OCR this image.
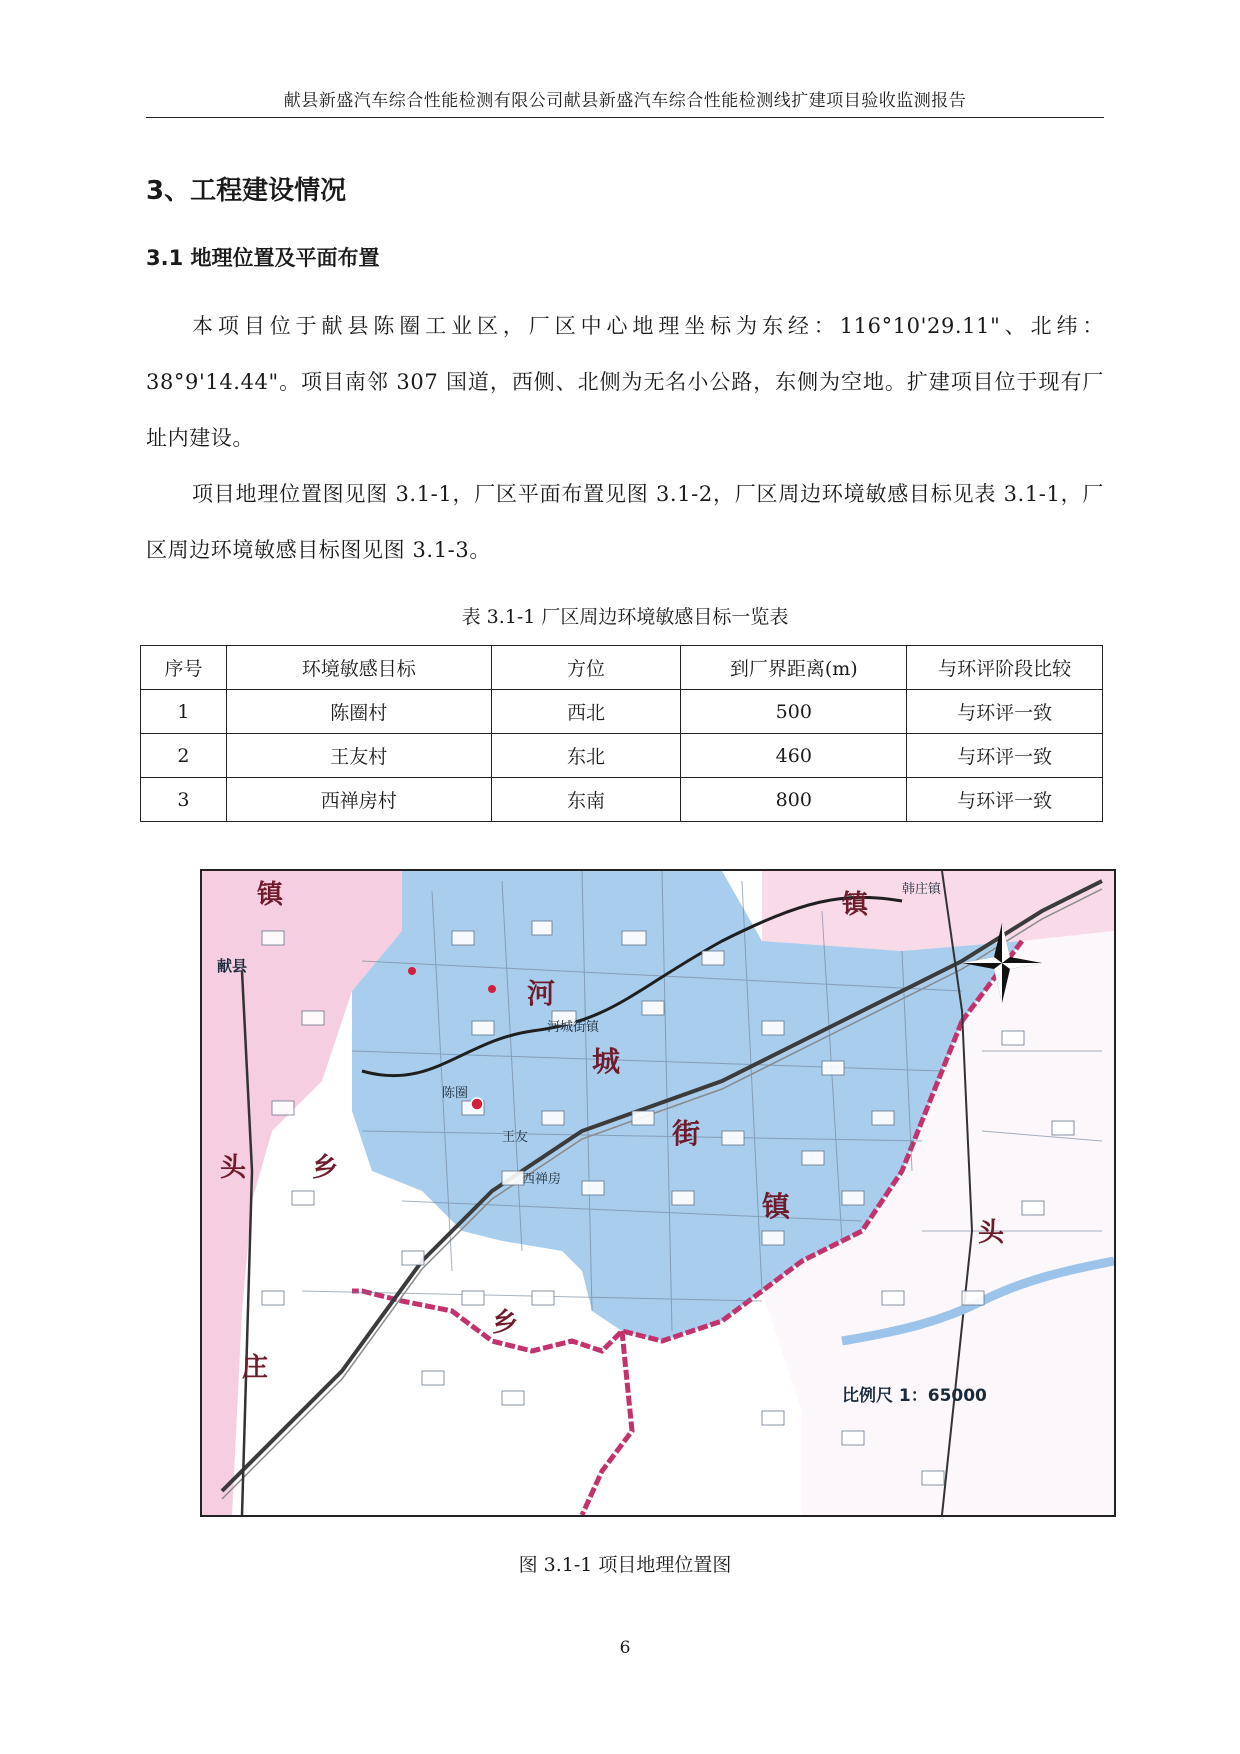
献县新盛汽车综合性能检测有限公司献县新盛汽车综合性能检测线扩建项目验收监测报告
3、工程建设情况
3.1 地理位置及平面布置
本项目位于献县陈圈工业区，厂区中心地理坐标为东经：116°10'29.11"、北纬：38°9'14.44"。项目南邻 307 国道，西侧、北侧为无名小公路，东侧为空地。扩建项目位于现有厂址内建设。
项目地理位置图见图 3.1-1，厂区平面布置见图 3.1-2，厂区周边环境敏感目标见表 3.1-1，厂区周边环境敏感目标图见图 3.1-3。
表 3.1-1 厂区周边环境敏感目标一览表
序号	环境敏感目标	方位	到厂界距离(m)	与环评阶段比较
1	陈圈村	西北	500	与环评一致
2	王友村	东北	460	与环评一致
3	西禅房村	东南	800	与环评一致
镇	镇
河
城
街
镇
头	乡
乡
庄
头
献县
韩庄镇
河城街镇
陈圈
王友
西禅房
比例尺 1：65000
图 3.1-1 项目地理位置图
6
